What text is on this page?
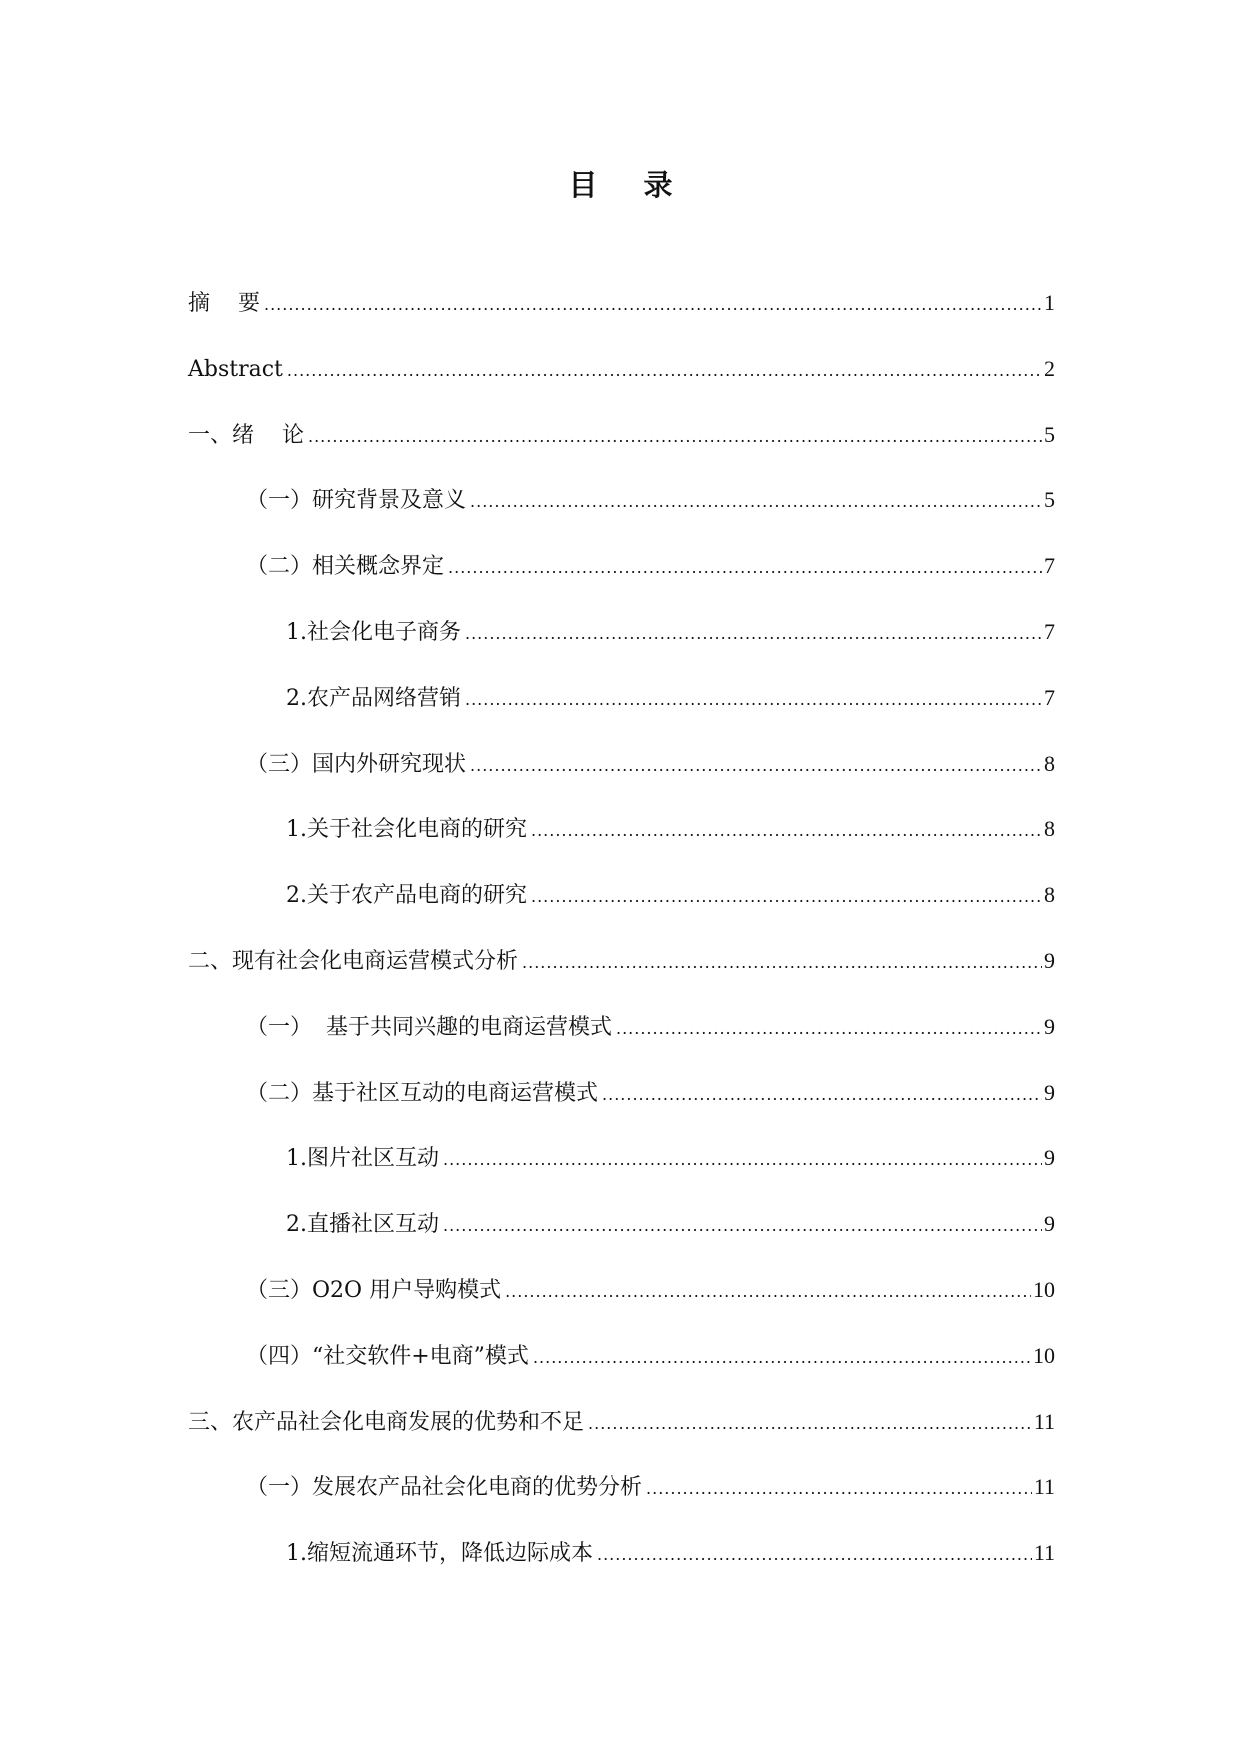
目 录
摘    要 .....	1
Abstract .....	2
一、绪    论 .....	5
（一）研究背景及意义 .....	5
（二）相关概念界定 .....	7
1.社会化电子商务 .....	7
2.农产品网络营销 .....	7
（三）国内外研究现状 .....	8
1.关于社会化电商的研究 .....	8
2.关于农产品电商的研究 .....	8
二、现有社会化电商运营模式分析 .....	9
（一）  基于共同兴趣的电商运营模式 .....	9
（二）基于社区互动的电商运营模式 .....	9
1.图片社区互动 .....	9
2.直播社区互动 .....	9
（三）O2O 用户导购模式 .....	10
（四）“社交软件+电商”模式 .....	10
三、农产品社会化电商发展的优势和不足 .....	11
（一）发展农产品社会化电商的优势分析 .....	11
1.缩短流通环节，降低边际成本 .....	11
